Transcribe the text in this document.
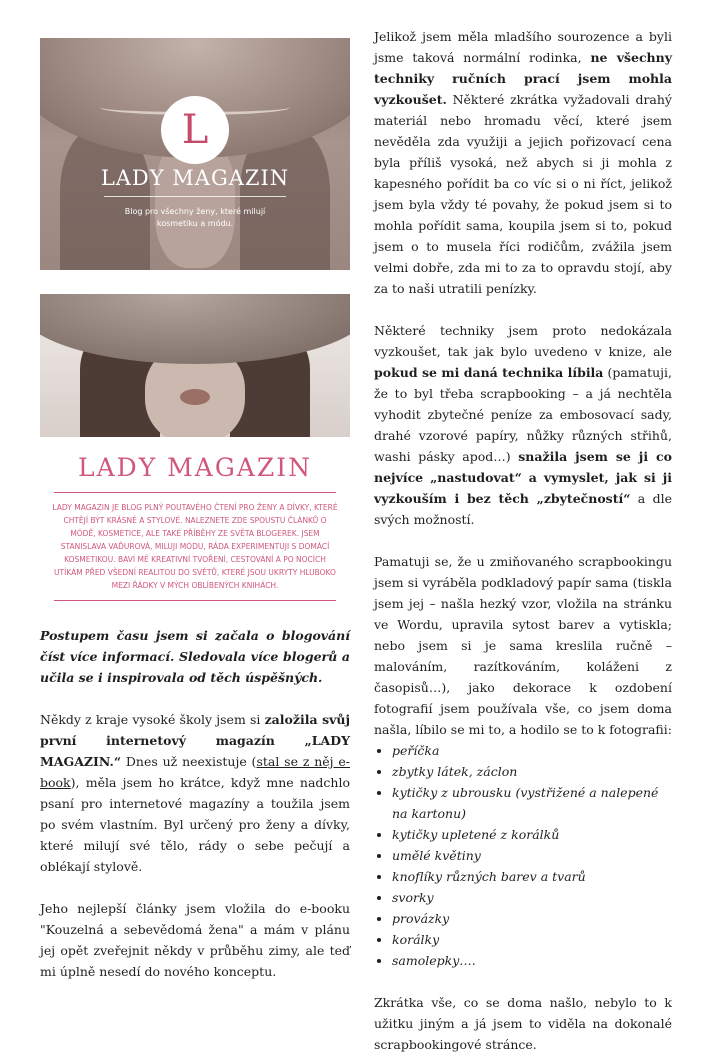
L
LADY MAGAZIN
Blog pro všechny ženy, které milují kosmetiku a módu.
LADY MAGAZIN
LADY MAGAZIN JE BLOG PLNÝ POUTAVÉHO ČTENÍ PRO ŽENY A DÍVKY, KTERÉ CHTĚJÍ BÝT KRÁSNÉ A STYLOVÉ. NALEZNETE ZDE SPOUSTU ČLÁNKŮ O MÓDĚ, KOSMETICE, ALE TAKÉ PŘÍBĚHY ZE SVĚTA BLOGEREK. JSEM STANISLAVA VAĎUROVÁ, MILUJI MÓDU, RÁDA EXPERIMENTUJI S DOMÁCÍ KOSMETIKOU. BAVÍ MĚ KREATIVNÍ TVOŘENÍ, CESTOVÁNÍ A PO NOCÍCH UTÍKÁM PŘED VŠEDNÍ REALITOU DO SVĚTŮ, KTERÉ JSOU UKRYTY HLUBOKO MEZI ŘÁDKY V MÝCH OBLÍBENÝCH KNIHÁCH.

Postupem času jsem si začala o blogování číst více informací. Sledovala více blogerů a učila se i inspirovala od těch úspěšných.

Někdy z kraje vysoké školy jsem si založila svůj první internetový magazín „LADY MAGAZIN.“ Dnes už neexistuje (stal se z něj e-book), měla jsem ho krátce, když mne nadchlo psaní pro internetové magazíny a toužila jsem po svém vlastním. Byl určený pro ženy a dívky, které milují své tělo, rády o sebe pečují a oblékají stylově.

Jeho nejlepší články jsem vložila do e-booku "Kouzelná a sebevědomá žena" a mám v plánu jej opět zveřejnit někdy v průběhu zimy, ale teď mi úplně nesedí do nového konceptu.

Jelikož jsem měla mladšího sourozence a byli jsme taková normální rodinka, ne všechny techniky ručních prací jsem mohla vyzkoušet. Některé zkrátka vyžadovali drahý materiál nebo hromadu věcí, které jsem nevěděla zda využiji a jejich pořizovací cena byla příliš vysoká, než abych si ji mohla z kapesného pořídit ba co víc si o ni říct, jelikož jsem byla vždy té povahy, že pokud jsem si to mohla pořídit sama, koupila jsem si to, pokud jsem o to musela říci rodičům, zvážila jsem velmi dobře, zda mi to za to opravdu stojí, aby za to naši utratili penízky.

Některé techniky jsem proto nedokázala vyzkoušet, tak jak bylo uvedeno v knize, ale pokud se mi daná technika líbila (pamatuji, že to byl třeba scrapbooking – a já nechtěla vyhodit zbytečné peníze za embosovací sady, drahé vzorové papíry, nůžky různých střihů, washi pásky apod…) snažila jsem se ji co nejvíce „nastudovat“ a vymyslet, jak si ji vyzkouším i bez těch „zbytečností“ a dle svých možností.

Pamatuji se, že u zmiňovaného scrapbookingu jsem si vyráběla podkladový papír sama (tiskla jsem jej – našla hezký vzor, vložila na stránku ve Wordu, upravila sytost barev a vytiskla; nebo jsem si je sama kreslila ručně – malováním, razítkováním, koláženi z časopisů…), jako dekorace k ozdobení fotografií jsem používala vše, co jsem doma našla, líbilo se mi to, a hodilo se to k fotografii:

• peříčka
• zbytky látek, záclon
• kytičky z ubrousku (vystřižené a nalepené na kartonu)
• kytičky upletené z korálků
• umělé květiny
• knoflíky různých barev a tvarů
• svorky
• provázky
• korálky
• samolepky….

Zkrátka vše, co se doma našlo, nebylo to k užitku jiným a já jsem to viděla na dokonalé scrapbookingové stránce.
